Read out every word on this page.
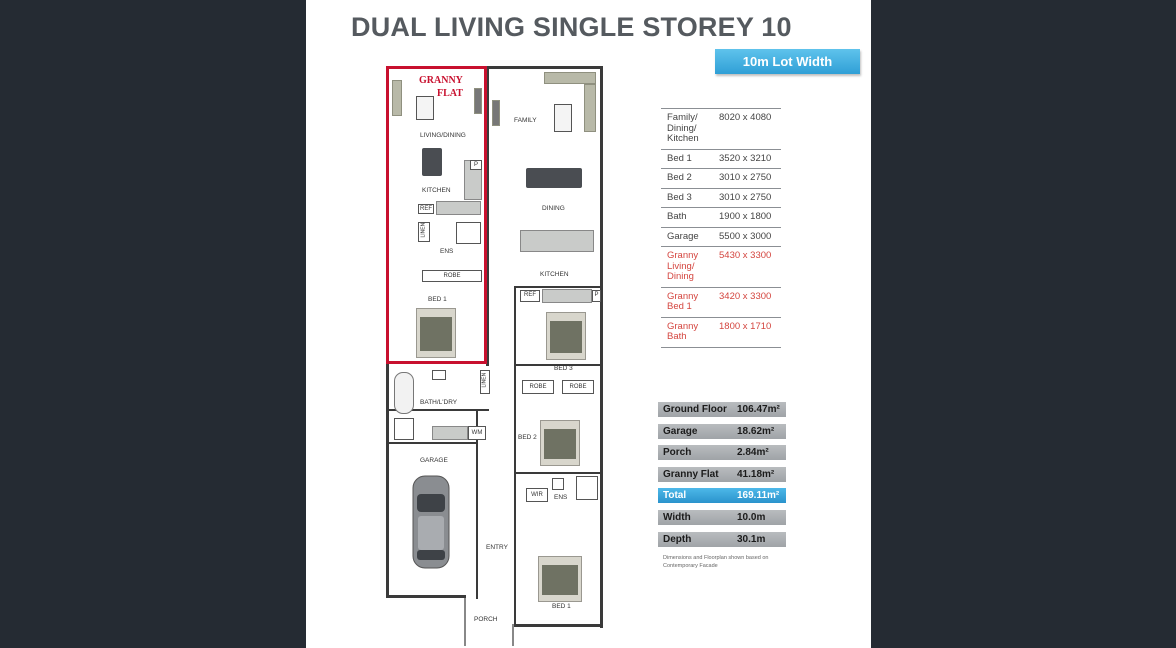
DUAL LIVING SINGLE STOREY 10
10m Lot Width
GRANNY
FLAT
LIVING/DINING
KITCHEN
P
REF
LINEN
ENS
ROBE
BED 1
FAMILY
DINING
KITCHEN
REF	P
BED 3
ROBE	ROBE
LINEN
BATH/L'DRY
WM
BED 2
GARAGE
WIR	ENS
ENTRY
BED 1
PORCH
Family/ Dining/ Kitchen	8020 x 4080
Bed 1	3520 x 3210
Bed 2	3010 x 2750
Bed 3	3010 x 2750
Bath	1900 x 1800
Garage	5500 x 3000
Granny Living/ Dining	5430 x 3300
Granny Bed 1	3420 x 3300
Granny Bath	1800 x 1710
Ground Floor 106.47m²
Garage	18.62m²
Porch	2.84m²
Granny Flat 41.18m²
Total	169.11m²
Width	10.0m
Depth	30.1m
Dimensions and Floorplan shown based on Contemporary Facade
